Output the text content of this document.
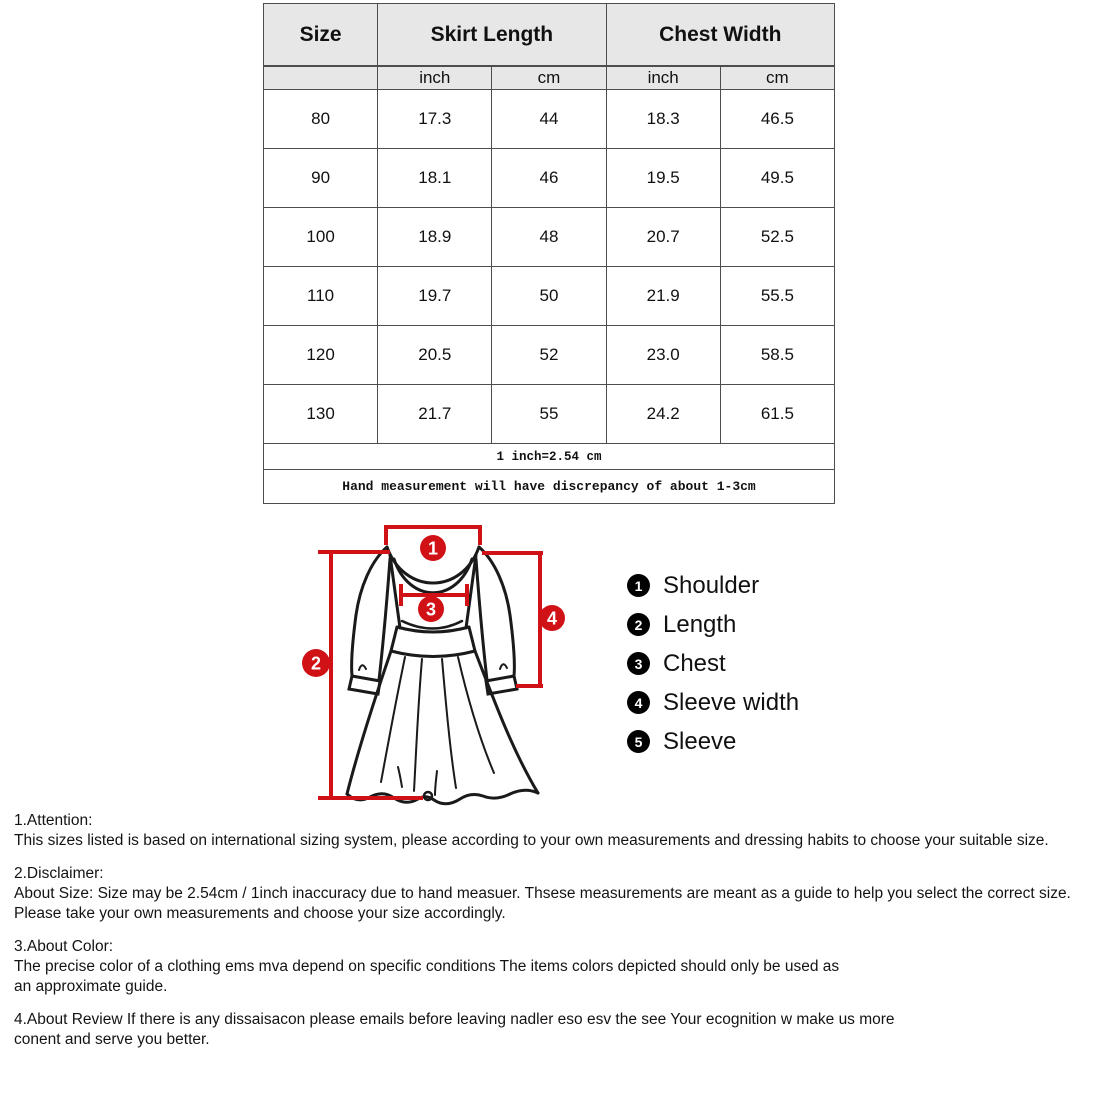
Size	Skirt Length		Chest Width	
	inch	cm	inch	cm
80	17.3	44	18.3	46.5
90	18.1	46	19.5	49.5
100	18.9	48	20.7	52.5
110	19.7	50	21.9	55.5
120	20.5	52	23.0	58.5
130	21.7	55	24.2	61.5
1 inch=2.54 cm				
Hand measurement will have discrepancy of about 1-3cm				
1
2
3	4
1 Shoulder
2 Length
3 Chest
4 Sleeve width
5 Sleeve
1.Attention:
This sizes listed is based on international sizing system, please according to your own measurements and dressing habits to choose your suitable size.
2.Disclaimer:
About Size: Size may be 2.54cm / 1inch inaccuracy due to hand measuer. Thsese measurements are meant as a guide to help you select the correct size.
Please take your own measurements and choose your size accordingly.
3.About Color:
The precise color of a clothing ems mva depend on specific conditions The items colors depicted should only be used as
an approximate guide.
4.About Review If there is any dissaisacon please emails before leaving nadler eso esv the see Your ecognition w make us more
conent and serve you better.
